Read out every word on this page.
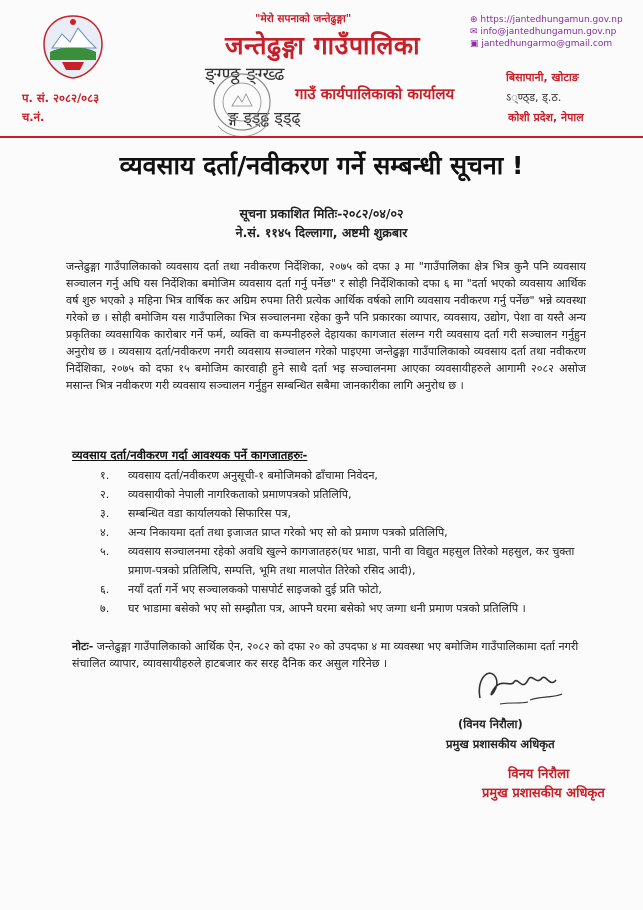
"मेरो सपनाको जन्तेढुङ्गा"
जन्तेढुङ्गा गाउँपालिका
ङ्ग्ण्ठ्ठ ङ्ग्ख्ढ
गाउँ कार्यपालिकाको कार्यालय
ङ्ग ड्ड्ढ्ढ ड्ड्ढ्
प. सं. २०८२/०८३
च.नं.
⊕ https://jantedhungamun.gov.np
✉ info@jantedhungamun.gov.np
▣ jantedhungarmo@gmail.com
बिसापानी, खोटाङ
ऽ्ण्ठ्ड, ड्.ठ.
कोशी प्रदेश, नेपाल
व्यवसाय दर्ता/नवीकरण गर्ने सम्बन्धी सूचना !
सूचना प्रकाशित मितिः-२०८२/०४/०२
ने.सं. ११४५ दिल्लागा, अष्टमी शुक्रबार
जन्तेढुङ्गा गाउँपालिकाको व्यवसाय दर्ता तथा नवीकरण निर्देशिका, २०७५ को दफा ३ मा "गाउँपालिका क्षेत्र भित्र कुनै पनि व्यवसाय सञ्चालन गर्नु अघि यस निर्देशिका बमोजिम व्यवसाय दर्ता गर्नु पर्नेछ" र सोही निर्देशिकाको दफा ६ मा "दर्ता भएको व्यवसाय आर्थिक वर्ष शुरु भएको ३ महिना भित्र वार्षिक कर अग्रिम रुपमा तिरी प्रत्येक आर्थिक वर्षको लागि व्यवसाय नवीकरण गर्नु पर्नेछ" भन्ने व्यवस्था गरेको छ । सोही बमोजिम यस गाउँपालिका भित्र सञ्चालनमा रहेका कुनै पनि प्रकारका व्यापार, व्यवसाय, उद्योग, पेशा वा यस्तै अन्य प्रकृतिका व्यवसायिक कारोबार गर्ने फर्म, व्यक्ति वा कम्पनीहरुले देहायका कागजात संलग्न गरी व्यवसाय दर्ता गरी सञ्चालन गर्नुहुन अनुरोध छ । व्यवसाय दर्ता/नवीकरण नगरी व्यवसाय सञ्चालन गरेको पाइएमा जन्तेढुङ्गा गाउँपालिकाको व्यवसाय दर्ता तथा नवीकरण निर्देशिका, २०७५ को दफा १५ बमोजिम कारवाही हुने साथै दर्ता भइ सञ्चालनमा आएका व्यवसायीहरुले आगामी २०८२ असोज मसान्त भित्र नवीकरण गरी व्यवसाय सञ्चालन गर्नुहुन सम्बन्धित सबैमा जानकारीका लागि अनुरोध छ ।
व्यवसाय दर्ता/नवीकरण गर्दा आवश्यक पर्ने कागजातहरुः-
१.	व्यवसाय दर्ता/नवीकरण अनुसूची-१ बमोजिमको ढाँचामा निवेदन,
२.	व्यवसायीको नेपाली नागरिकताको प्रमाणपत्रको प्रतिलिपि,
३.	सम्बन्धित वडा कार्यालयको सिफारिस पत्र,
४.	अन्य निकायमा दर्ता तथा इजाजत प्राप्त गरेको भए सो को प्रमाण पत्रको प्रतिलिपि,
५.	व्यवसाय सञ्चालनमा रहेको अवधि खुल्ने कागजातहरु(घर भाडा, पानी वा विद्युत महसुल तिरेको महसुल, कर चुक्ता प्रमाण-पत्रको प्रतिलिपि, सम्पत्ति, भूमि तथा मालपोत तिरेको रसिद आदी),
६.	नयाँ दर्ता गर्ने भए सञ्चालकको पासपोर्ट साइजको दुई प्रति फोटो,
७.	घर भाडामा बसेको भए सो सम्झौता पत्र, आफ्नै घरमा बसेको भए जग्गा धनी प्रमाण पत्रको प्रतिलिपि ।
नोटः- जन्तेढुङ्गा गाउँपालिकाको आर्थिक ऐन, २०८२ को दफा २० को उपदफा ४ मा व्यवस्था भए बमोजिम गाउँपालिकामा दर्ता नगरी संचालित व्यापार, व्यावसायीहरुले हाटबजार कर सरह दैनिक कर असुल गरिनेछ ।
(विनय निरौला)
प्रमुख प्रशासकीय अधिकृत
विनय निरौला
प्रमुख प्रशासकीय अधिकृत
